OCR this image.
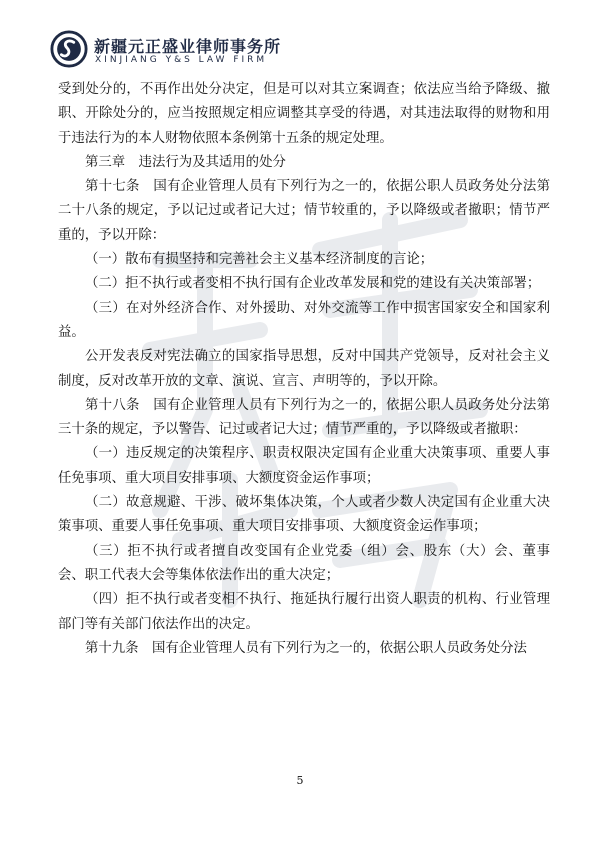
新疆元正盛业律师事务所
XINJIANG Y&S LAW FIRM

受到处分的，不再作出处分决定，但是可以对其立案调查；依法应当给予降级、撤职、开除处分的，应当按照规定相应调整其享受的待遇，对其违法取得的财物和用于违法行为的本人财物依照本条例第十五条的规定处理。

第三章　违法行为及其适用的处分

第十七条　国有企业管理人员有下列行为之一的，依据公职人员政务处分法第二十八条的规定，予以记过或者记大过；情节较重的，予以降级或者撤职；情节严重的，予以开除：

（一）散布有损坚持和完善社会主义基本经济制度的言论；

（二）拒不执行或者变相不执行国有企业改革发展和党的建设有关决策部署；

（三）在对外经济合作、对外援助、对外交流等工作中损害国家安全和国家利益。

公开发表反对宪法确立的国家指导思想，反对中国共产党领导，反对社会主义制度，反对改革开放的文章、演说、宣言、声明等的，予以开除。

第十八条　国有企业管理人员有下列行为之一的，依据公职人员政务处分法第三十条的规定，予以警告、记过或者记大过；情节严重的，予以降级或者撤职：

（一）违反规定的决策程序、职责权限决定国有企业重大决策事项、重要人事任免事项、重大项目安排事项、大额度资金运作事项；

（二）故意规避、干涉、破坏集体决策，个人或者少数人决定国有企业重大决策事项、重要人事任免事项、重大项目安排事项、大额度资金运作事项；

（三）拒不执行或者擅自改变国有企业党委（组）会、股东（大）会、董事会、职工代表大会等集体依法作出的重大决定；

（四）拒不执行或者变相不执行、拖延执行履行出资人职责的机构、行业管理部门等有关部门依法作出的决定。

第十九条　国有企业管理人员有下列行为之一的，依据公职人员政务处分法

5
